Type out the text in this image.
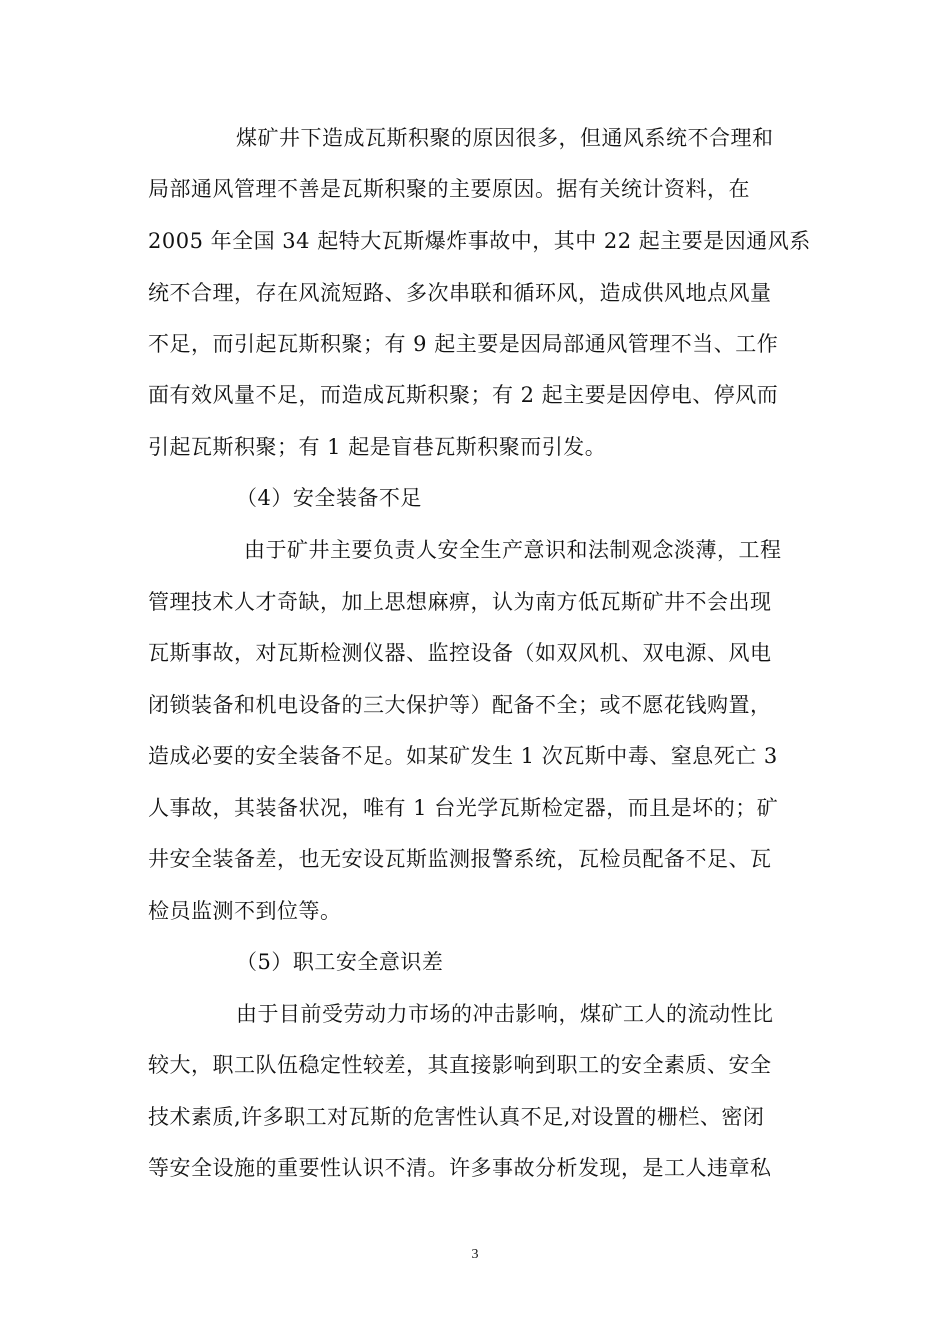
煤矿井下造成瓦斯积聚的原因很多，但通风系统不合理和
局部通风管理不善是瓦斯积聚的主要原因。据有关统计资料，在
2005 年全国 34 起特大瓦斯爆炸事故中，其中 22 起主要是因通风系
统不合理，存在风流短路、多次串联和循环风，造成供风地点风量
不足，而引起瓦斯积聚；有 9 起主要是因局部通风管理不当、工作
面有效风量不足，而造成瓦斯积聚；有 2 起主要是因停电、停风而
引起瓦斯积聚；有 1 起是盲巷瓦斯积聚而引发。
（4）安全装备不足
由于矿井主要负责人安全生产意识和法制观念淡薄，工程
管理技术人才奇缺，加上思想麻痹，认为南方低瓦斯矿井不会出现
瓦斯事故，对瓦斯检测仪器、监控设备（如双风机、双电源、风电
闭锁装备和机电设备的三大保护等）配备不全；或不愿花钱购置，
造成必要的安全装备不足。如某矿发生 1 次瓦斯中毒、窒息死亡 3
人事故，其装备状况，唯有 1 台光学瓦斯检定器，而且是坏的；矿
井安全装备差，也无安设瓦斯监测报警系统，瓦检员配备不足、瓦
检员监测不到位等。
（5）职工安全意识差
由于目前受劳动力市场的冲击影响，煤矿工人的流动性比
较大，职工队伍稳定性较差，其直接影响到职工的安全素质、安全
技术素质,许多职工对瓦斯的危害性认真不足,对设置的栅栏、密闭
等安全设施的重要性认识不清。许多事故分析发现，是工人违章私
3
